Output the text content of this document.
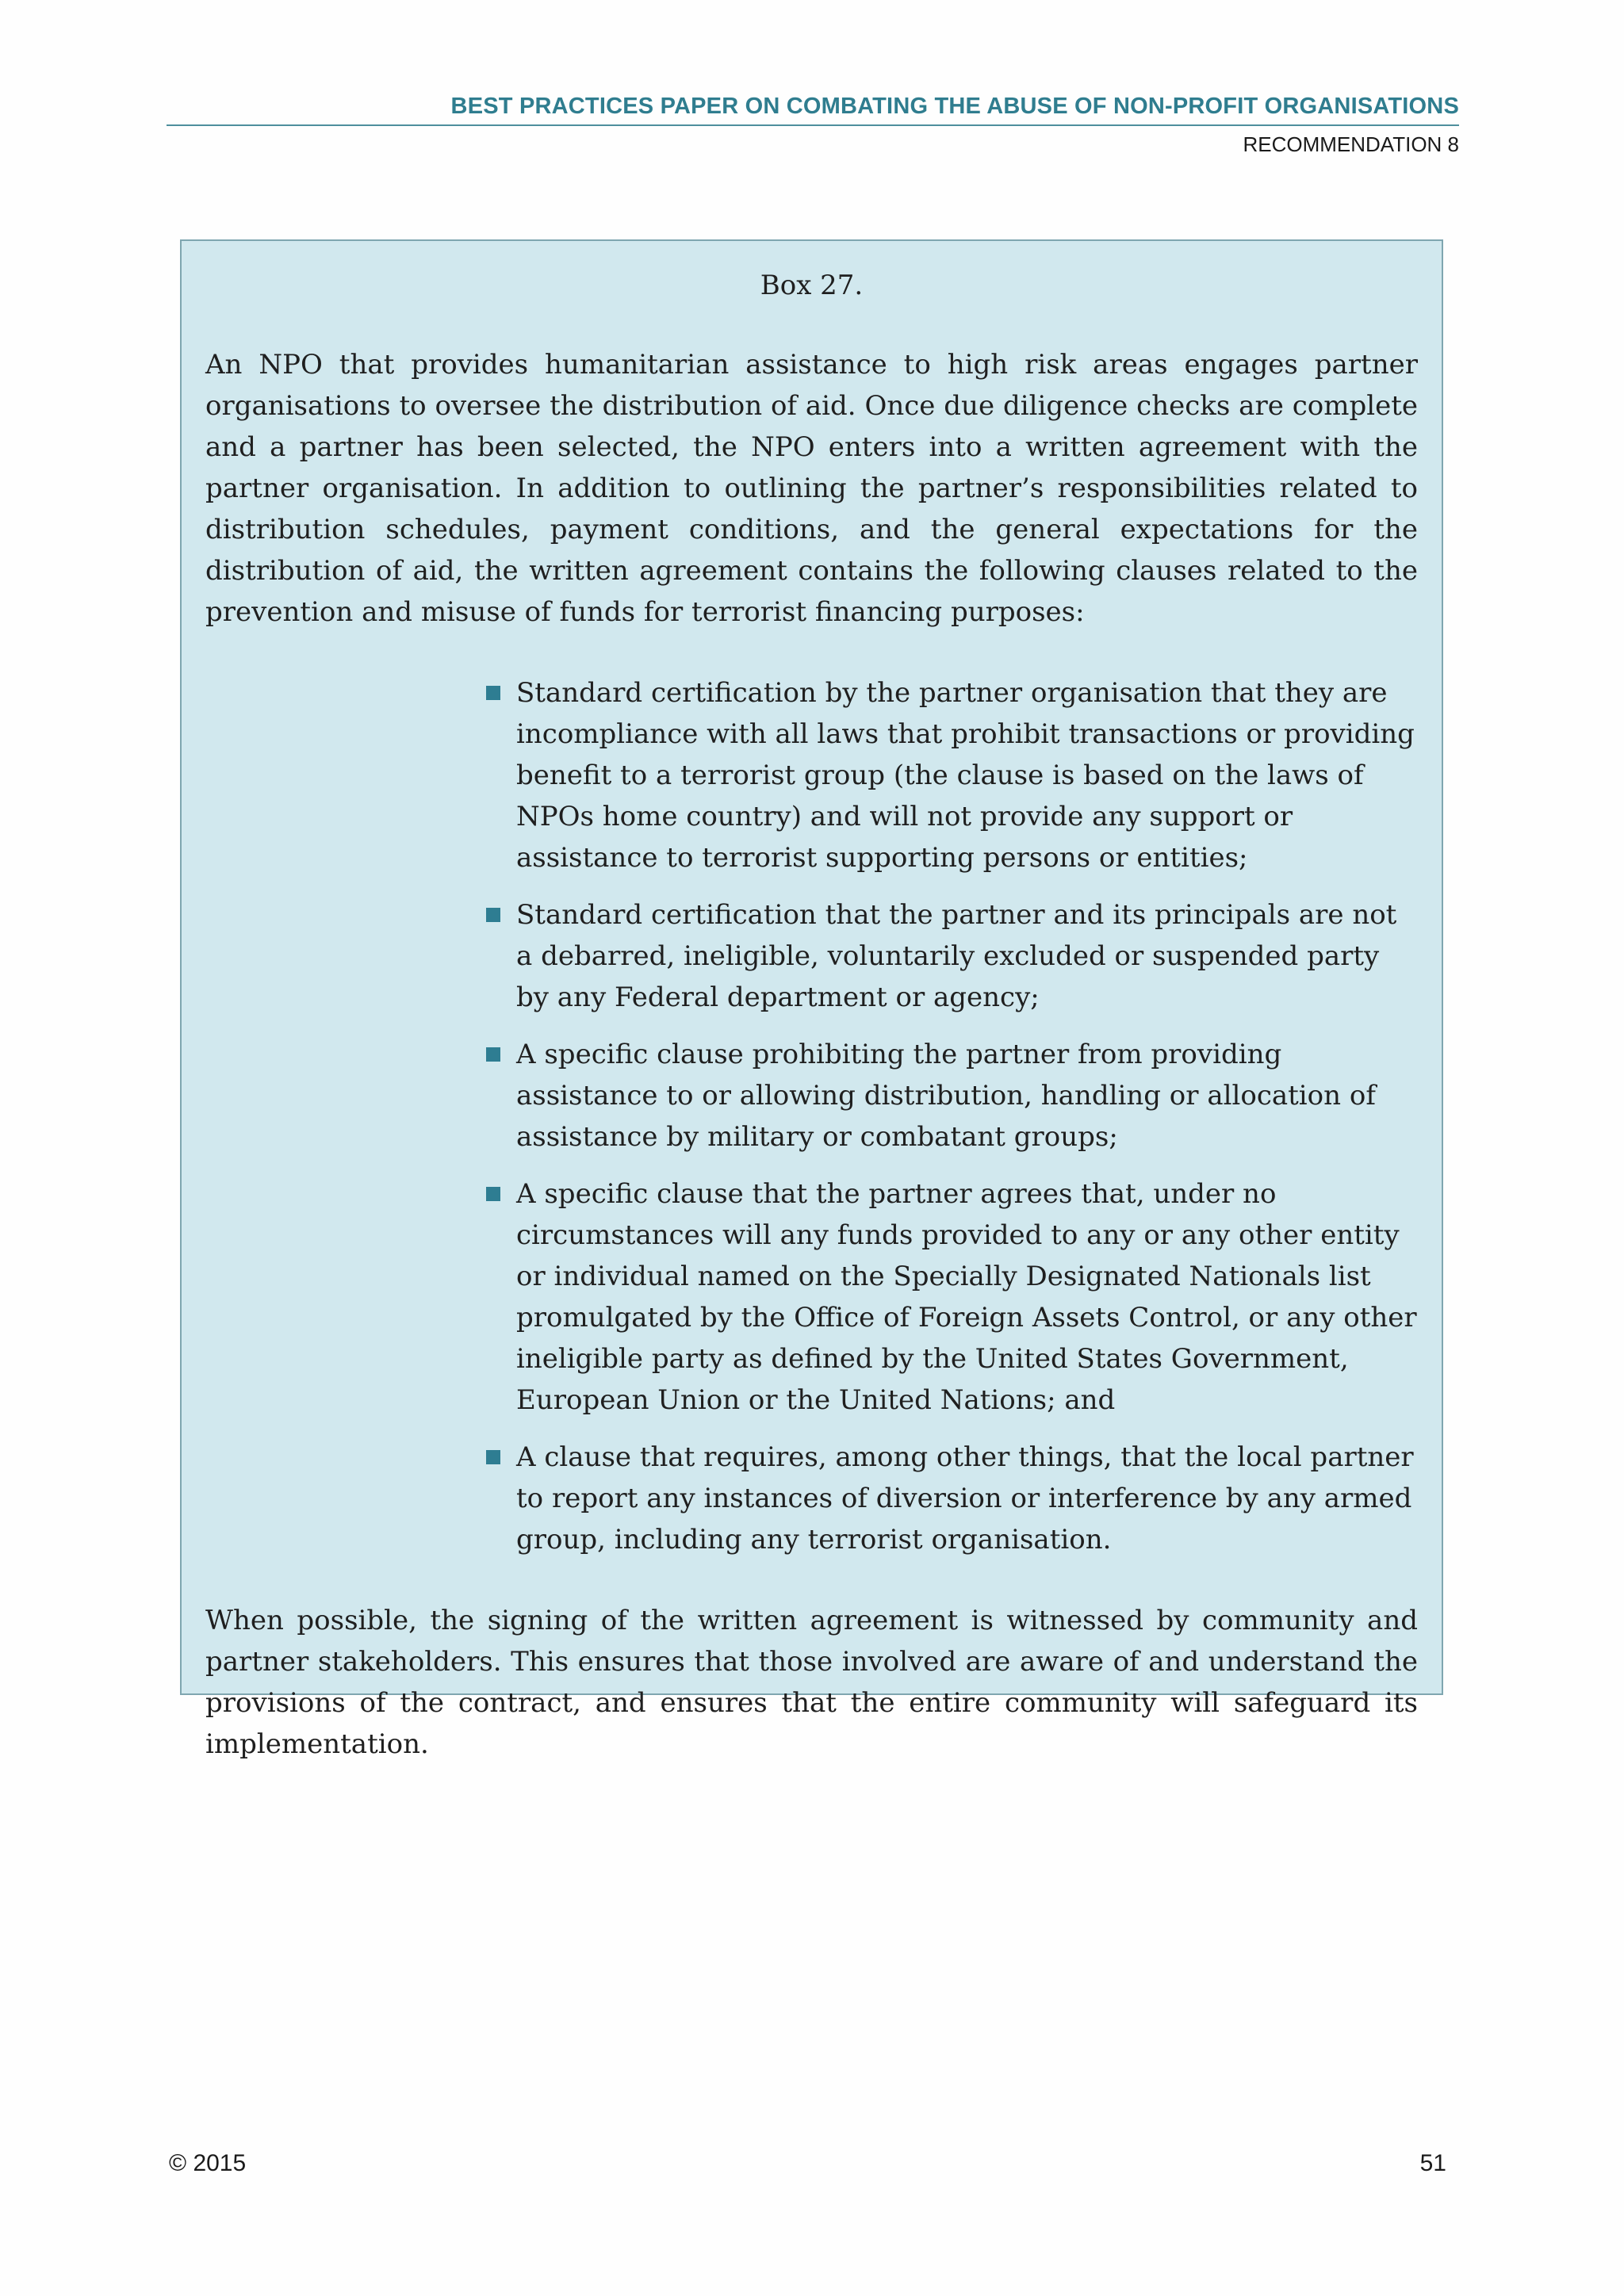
BEST PRACTICES PAPER ON COMBATING THE ABUSE OF NON-PROFIT ORGANISATIONS
RECOMMENDATION 8

Box 27.

An NPO that provides humanitarian assistance to high risk areas engages partner organisations to oversee the distribution of aid. Once due diligence checks are complete and a partner has been selected, the NPO enters into a written agreement with the partner organisation. In addition to outlining the partner’s responsibilities related to distribution schedules, payment conditions, and the general expectations for the distribution of aid, the written agreement contains the following clauses related to the prevention and misuse of funds for terrorist financing purposes:

Standard certification by the partner organisation that they are incompliance with all laws that prohibit transactions or providing benefit to a terrorist group (the clause is based on the laws of NPOs home country) and will not provide any support or assistance to terrorist supporting persons or entities;
Standard certification that the partner and its principals are not a debarred, ineligible, voluntarily excluded or suspended party by any Federal department or agency;
A specific clause prohibiting the partner from providing assistance to or allowing distribution, handling or allocation of assistance by military or combatant groups;
A specific clause that the partner agrees that, under no circumstances will any funds provided to any or any other entity or individual named on the Specially Designated Nationals list promulgated by the Office of Foreign Assets Control, or any other ineligible party as defined by the United States Government, European Union or the United Nations; and
A clause that requires, among other things, that the local partner to report any instances of diversion or interference by any armed group, including any terrorist organisation.

When possible, the signing of the written agreement is witnessed by community and partner stakeholders. This ensures that those involved are aware of and understand the provisions of the contract, and ensures that the entire community will safeguard its implementation.

© 2015	51
